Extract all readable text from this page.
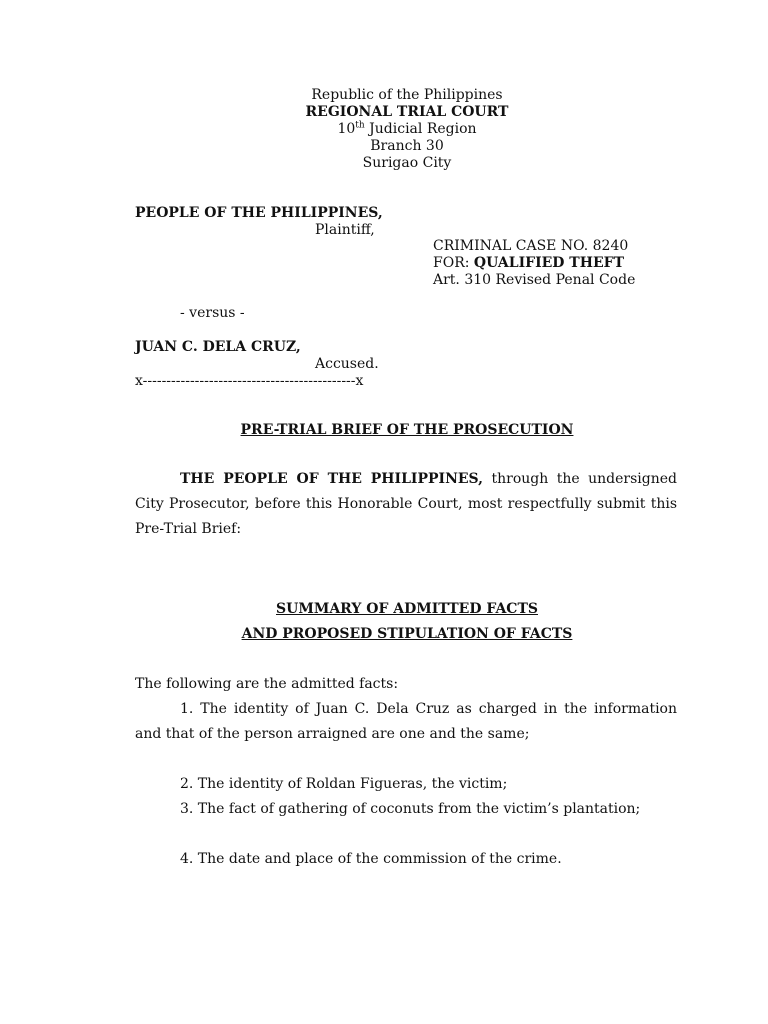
Republic of the Philippines
REGIONAL TRIAL COURT
10th Judicial Region
Branch 30
Surigao City
PEOPLE OF THE PHILIPPINES,
Plaintiff,
CRIMINAL CASE NO. 8240
FOR: QUALIFIED THEFT
Art. 310 Revised Penal Code
- versus -
JUAN C. DELA CRUZ,
Accused.
x---------------------------------------------x
PRE-TRIAL BRIEF OF THE PROSECUTION
THE PEOPLE OF THE PHILIPPINES, through the undersigned City Prosecutor, before this Honorable Court, most respectfully submit this Pre-Trial Brief:
SUMMARY OF ADMITTED FACTS
AND PROPOSED STIPULATION OF FACTS
The following are the admitted facts:
1. The identity of Juan C. Dela Cruz as charged in the information and that of the person arraigned are one and the same;
2. The identity of Roldan Figueras, the victim;
3. The fact of gathering of coconuts from the victim’s plantation;
4. The date and place of the commission of the crime.
